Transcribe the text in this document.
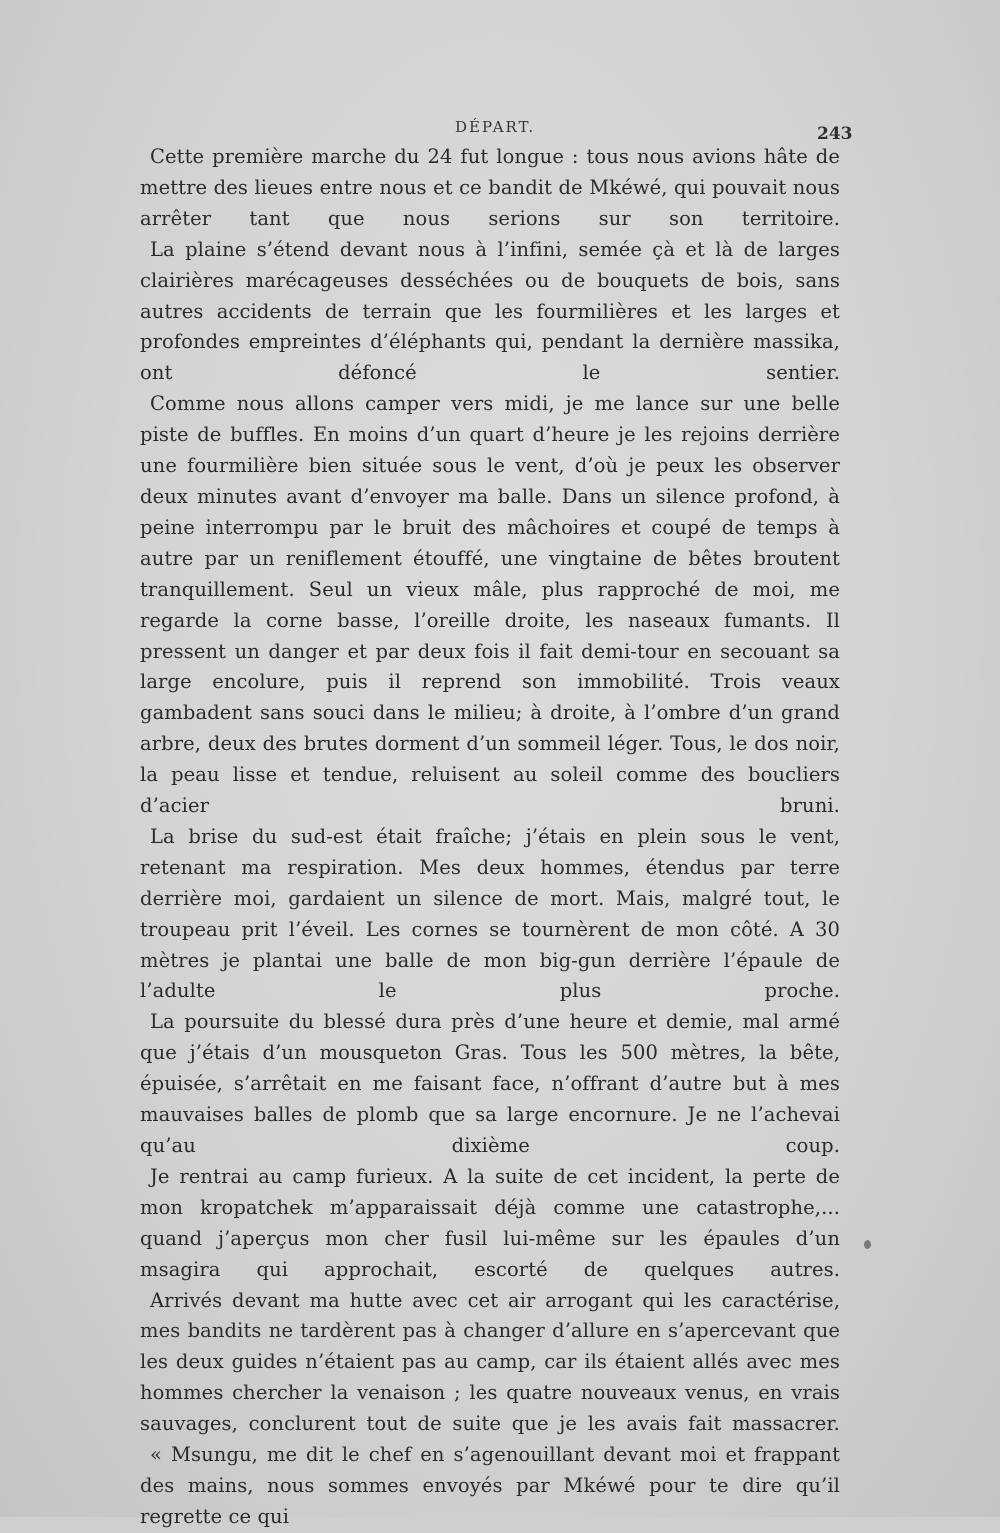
DÉPART.	243

Cette première marche du 24 fut longue : tous nous avions hâte de mettre des lieues entre nous et ce bandit de Mkéwé, qui pouvait nous arrêter tant que nous serions sur son territoire.

La plaine s’étend devant nous à l’infini, semée çà et là de larges clairières marécageuses desséchées ou de bouquets de bois, sans autres accidents de terrain que les fourmilières et les larges et profondes empreintes d’éléphants qui, pendant la dernière massika, ont défoncé le sentier.

Comme nous allons camper vers midi, je me lance sur une belle piste de buffles. En moins d’un quart d’heure je les rejoins derrière une fourmilière bien située sous le vent, d’où je peux les observer deux minutes avant d’envoyer ma balle. Dans un silence profond, à peine interrompu par le bruit des mâchoires et coupé de temps à autre par un reniflement étouffé, une vingtaine de bêtes broutent tranquillement. Seul un vieux mâle, plus rapproché de moi, me regarde la corne basse, l’oreille droite, les naseaux fumants. Il pressent un danger et par deux fois il fait demi-tour en secouant sa large encolure, puis il reprend son immobilité. Trois veaux gambadent sans souci dans le milieu; à droite, à l’ombre d’un grand arbre, deux des brutes dorment d’un sommeil léger. Tous, le dos noir, la peau lisse et tendue, reluisent au soleil comme des boucliers d’acier bruni.

La brise du sud-est était fraîche; j’étais en plein sous le vent, retenant ma respiration. Mes deux hommes, étendus par terre derrière moi, gardaient un silence de mort. Mais, malgré tout, le troupeau prit l’éveil. Les cornes se tournèrent de mon côté. A 30 mètres je plantai une balle de mon big-gun derrière l’épaule de l’adulte le plus proche.

La poursuite du blessé dura près d’une heure et demie, mal armé que j’étais d’un mousqueton Gras. Tous les 500 mètres, la bête, épuisée, s’arrêtait en me faisant face, n’offrant d’autre but à mes mauvaises balles de plomb que sa large encornure. Je ne l’achevai qu’au dixième coup.

Je rentrai au camp furieux. A la suite de cet incident, la perte de mon kropatchek m’apparaissait déjà comme une catastrophe,... quand j’aperçus mon cher fusil lui-même sur les épaules d’un msagira qui approchait, escorté de quelques autres.

Arrivés devant ma hutte avec cet air arrogant qui les caractérise, mes bandits ne tardèrent pas à changer d’allure en s’apercevant que les deux guides n’étaient pas au camp, car ils étaient allés avec mes hommes chercher la venaison ; les quatre nouveaux venus, en vrais sauvages, conclurent tout de suite que je les avais fait massacrer.

« Msungu, me dit le chef en s’agenouillant devant moi et frappant des mains, nous sommes envoyés par Mkéwé pour te dire qu’il regrette ce qui
